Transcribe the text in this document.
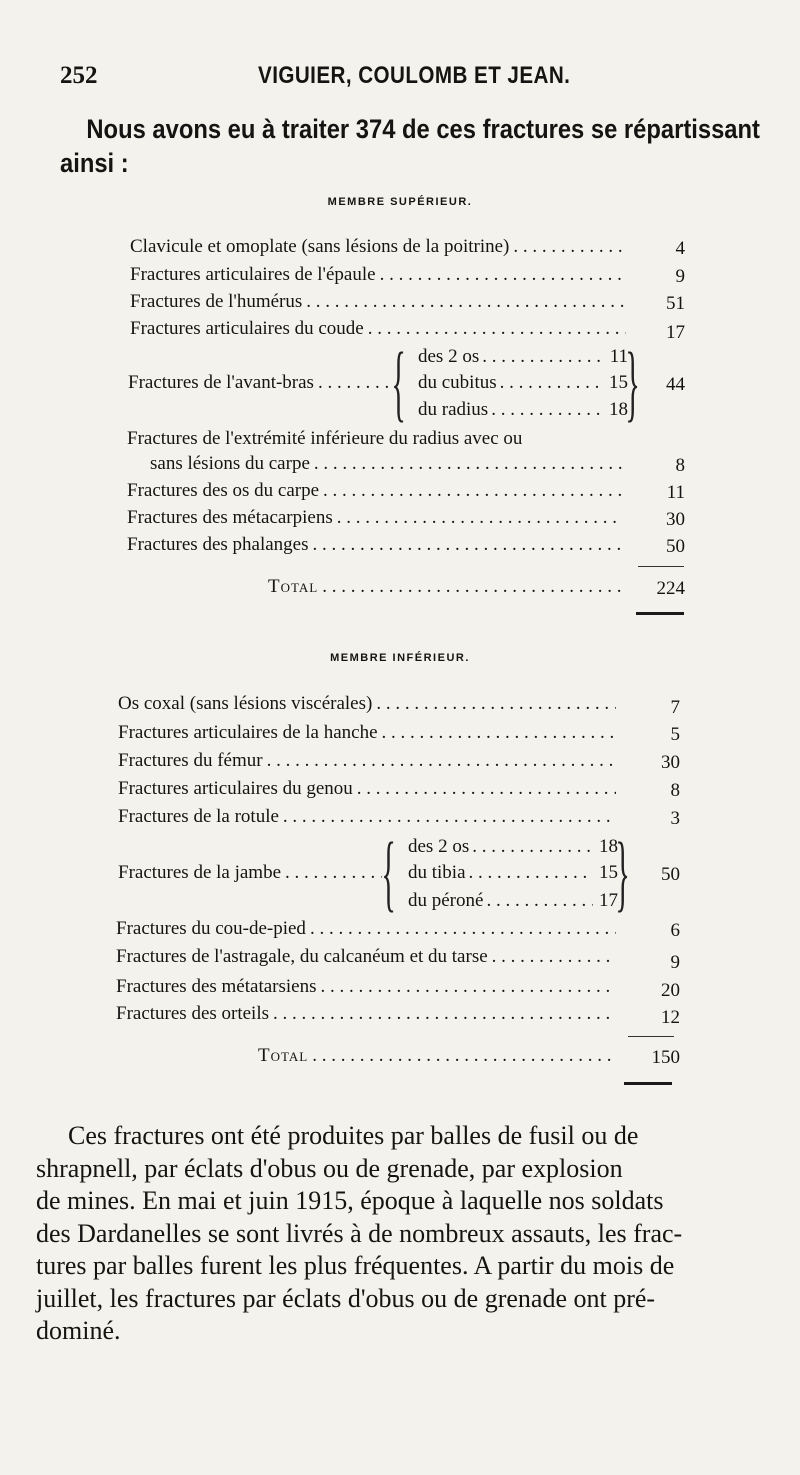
252	VIGUIER, COULOMB ET JEAN.
Nous avons eu à traiter 374 de ces fractures se répartissant
ainsi :
MEMBRE SUPÉRIEUR.
Clavicule et omoplate (sans lésions de la poitrine) . . .	4
Fractures articulaires de l'épaule . . .	9
Fractures de l'humérus . . .	51
Fractures articulaires du coude . . .	17
Fractures de l'avant-bras . . . { des 2 os . . .	11
du cubitus . . .	15
du radius . . .	18
}	44
Fractures de l'extrémité inférieure du radius avec ou
sans lésions du carpe . . .	8
Fractures des os du carpe . . .	11
Fractures des métacarpiens . . .	30
Fractures des phalanges . . .	50
Total . . .	224
MEMBRE INFÉRIEUR.
Os coxal (sans lésions viscérales) . . .	7
Fractures articulaires de la hanche . . .	5
Fractures du fémur . . .	30
Fractures articulaires du genou . . .	8
Fractures de la rotule . . .	3
Fractures de la jambe . . . { des 2 os . . .	18
du tibia . . .	15
du péroné . . .	17
}	50
Fractures du cou-de-pied . . .	6
Fractures de l'astragale, du calcanéum et du tarse . . .	9
Fractures des métatarsiens . . .	20
Fractures des orteils . . .	12
Total . . .	150
Ces fractures ont été produites par balles de fusil ou de
shrapnell, par éclats d'obus ou de grenade, par explosion
de mines. En mai et juin 1915, époque à laquelle nos soldats
des Dardanelles se sont livrés à de nombreux assauts, les frac-
tures par balles furent les plus fréquentes. A partir du mois de
juillet, les fractures par éclats d'obus ou de grenade ont pré-
dominé.
